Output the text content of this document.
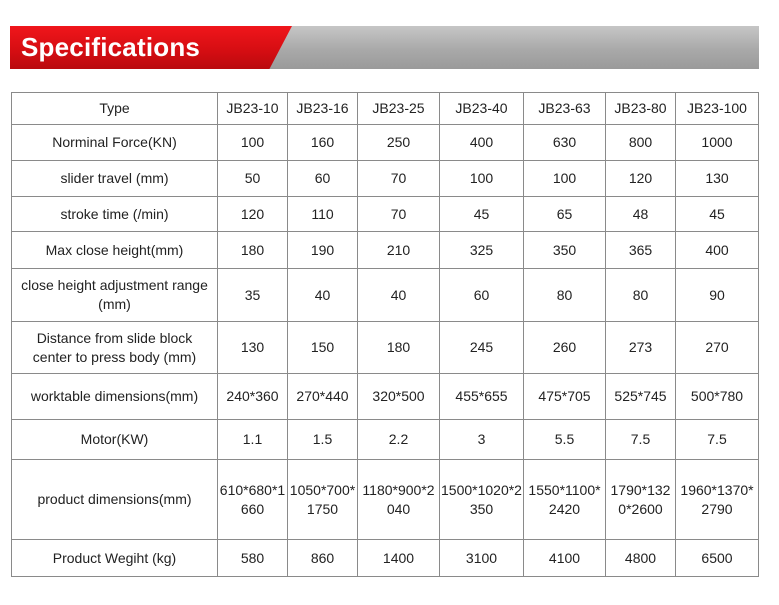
Specifications
Type	JB23-10	JB23-16	JB23-25	JB23-40	JB23-63	JB23-80	JB23-100
Norminal Force(KN)	100	160	250	400	630	800	1000
slider travel (mm)	50	60	70	100	100	120	130
stroke time (/min)	120	110	70	45	65	48	45
Max close height(mm)	180	190	210	325	350	365	400
close height adjustment range (mm)	35	40	40	60	80	80	90
Distance from slide block center to press body (mm)	130	150	180	245	260	273	270
worktable dimensions(mm)	240*360	270*440	320*500	455*655	475*705	525*745	500*780
Motor(KW)	1.1	1.5	2.2	3	5.5	7.5	7.5
product dimensions(mm)	610*680*1660	1050*700*1750	1180*900*2040	1500*1020*2350	1550*1100*2420	1790*1320*2600	1960*1370*2790
Product Wegiht (kg)	580	860	1400	3100	4100	4800	6500
